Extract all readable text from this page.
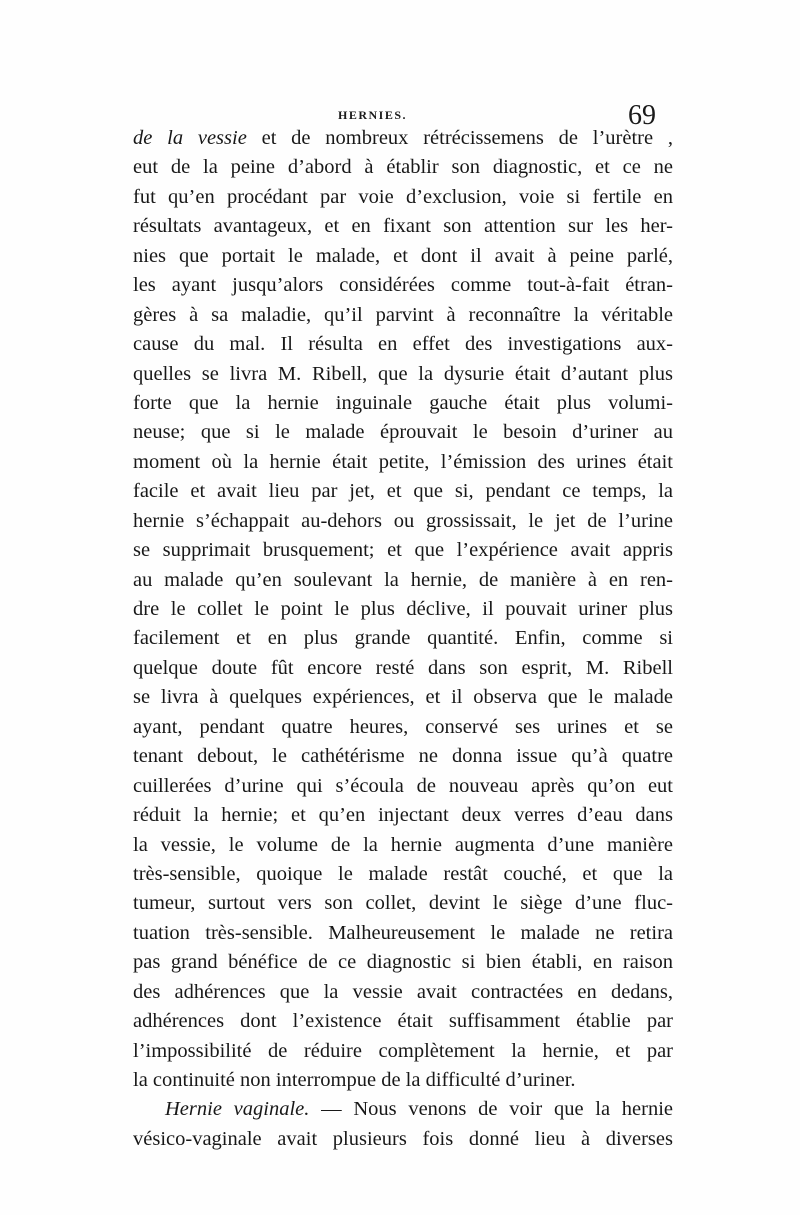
HERNIES.	69
de la vessie et de nombreux rétrécissemens de l’urètre ,
eut de la peine d’abord à établir son diagnostic, et ce ne
fut qu’en procédant par voie d’exclusion, voie si fertile en
résultats avantageux, et en fixant son attention sur les her-
nies que portait le malade, et dont il avait à peine parlé,
les ayant jusqu’alors considérées comme tout-à-fait étran-
gères à sa maladie, qu’il parvint à reconnaître la véritable
cause du mal. Il résulta en effet des investigations aux-
quelles se livra M. Ribell, que la dysurie était d’autant plus
forte que la hernie inguinale gauche était plus volumi-
neuse; que si le malade éprouvait le besoin d’uriner au
moment où la hernie était petite, l’émission des urines était
facile et avait lieu par jet, et que si, pendant ce temps, la
hernie s’échappait au-dehors ou grossissait, le jet de l’urine
se supprimait brusquement; et que l’expérience avait appris
au malade qu’en soulevant la hernie, de manière à en ren-
dre le collet le point le plus déclive, il pouvait uriner plus
facilement et en plus grande quantité. Enfin, comme si
quelque doute fût encore resté dans son esprit, M. Ribell
se livra à quelques expériences, et il observa que le malade
ayant, pendant quatre heures, conservé ses urines et se
tenant debout, le cathétérisme ne donna issue qu’à quatre
cuillerées d’urine qui s’écoula de nouveau après qu’on eut
réduit la hernie; et qu’en injectant deux verres d’eau dans
la vessie, le volume de la hernie augmenta d’une manière
très-sensible, quoique le malade restât couché, et que la
tumeur, surtout vers son collet, devint le siège d’une fluc-
tuation très-sensible. Malheureusement le malade ne retira
pas grand bénéfice de ce diagnostic si bien établi, en raison
des adhérences que la vessie avait contractées en dedans,
adhérences dont l’existence était suffisamment établie par
l’impossibilité de réduire complètement la hernie, et par
la continuité non interrompue de la difficulté d’uriner.
Hernie vaginale. — Nous venons de voir que la hernie
vésico-vaginale avait plusieurs fois donné lieu à diverses
